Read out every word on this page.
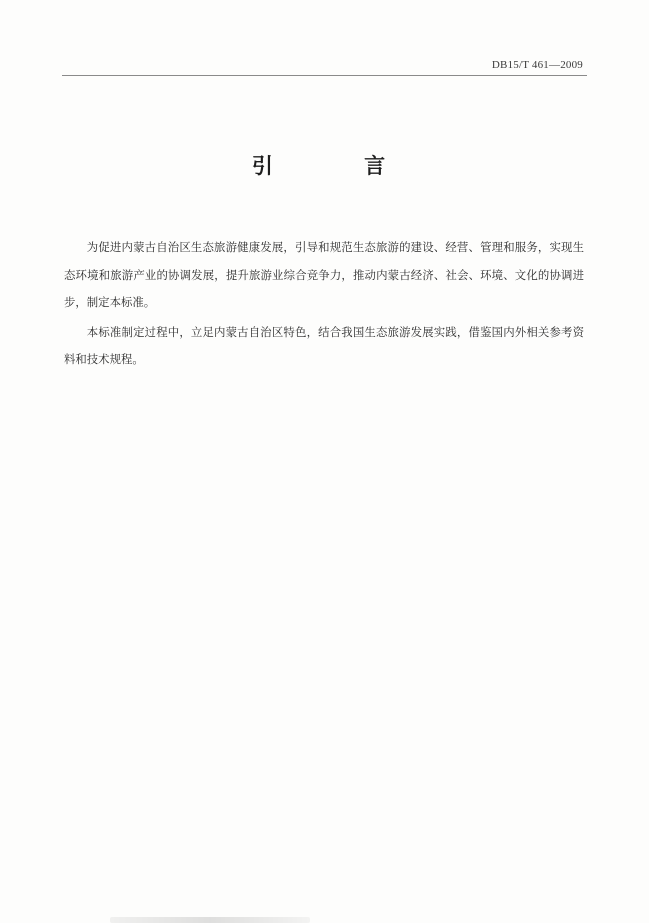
DB15/T 461—2009
引 言

为促进内蒙古自治区生态旅游健康发展，引导和规范生态旅游的建设、经营、管理和服务，实现生态环境和旅游产业的协调发展，提升旅游业综合竞争力，推动内蒙古经济、社会、环境、文化的协调进步，制定本标准。

本标准制定过程中，立足内蒙古自治区特色，结合我国生态旅游发展实践，借鉴国内外相关参考资料和技术规程。
